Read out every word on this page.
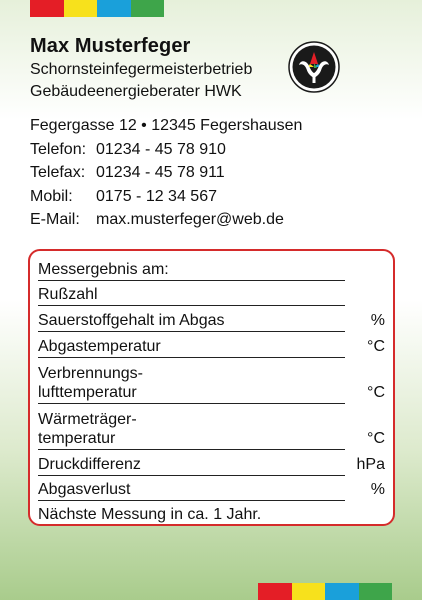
Max Musterfeger
Schornsteinfegermeisterbetrieb
Gebäudeenergieberater HWK
Fegergasse 12 • 12345 Fegershausen
Telefon: 01234 - 45 78 910
Telefax: 01234 - 45 78 911
Mobil:	0175 - 12 34 567
E-Mail:	max.musterfeger@web.de
Messergebnis am:
Rußzahl
Sauerstoffgehalt im Abgas	%
Abgastemperatur	°C
Verbrennungs-
lufttemperatur	°C
Wärmeträger-
temperatur	°C
Druckdifferenz	hPa
Abgasverlust	%
Nächste Messung in ca. 1 Jahr.
